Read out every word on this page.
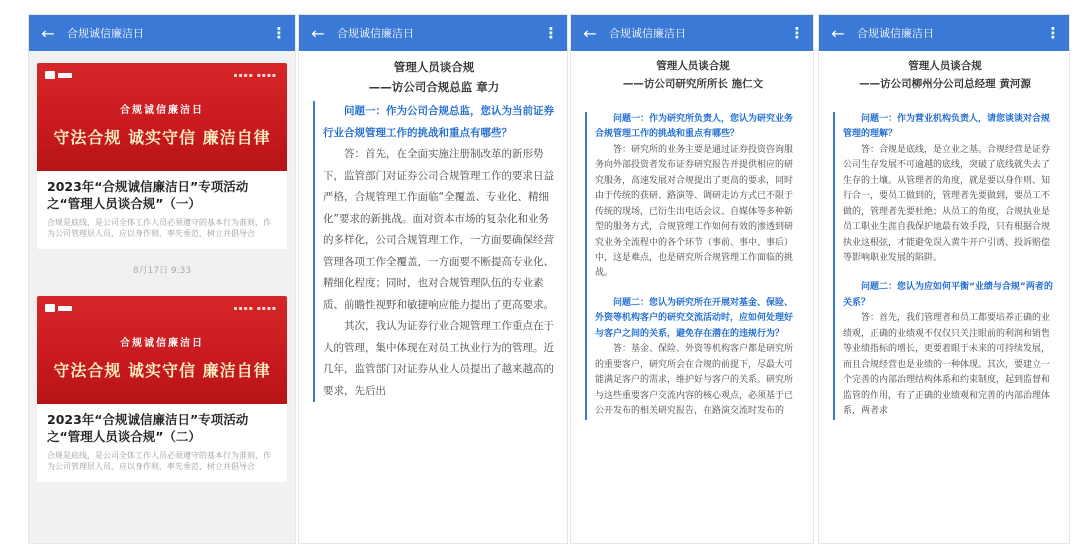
←	合规诚信廉洁日	⋮
▪▪▪▪ ▪▪▪▪
合规诚信廉洁日
守法合规 诚实守信 廉洁自律
2023年“合规诚信廉洁日”专项活动之“管理人员谈合规”（一）
合规是底线，是公司全体工作人员必须遵守的基本行为准则，作为公司管理层人员，应以身作则、率先垂范、树立并倡导合
8月17日 9:33
▪▪▪▪ ▪▪▪▪
合规诚信廉洁日
守法合规 诚实守信 廉洁自律
2023年“合规诚信廉洁日”专项活动之“管理人员谈合规”（二）
合规是底线，是公司全体工作人员必须遵守的基本行为准则，作为公司管理层人员，应以身作则、率先垂范、树立并倡导合
←	合规诚信廉洁日	⋮
管理人员谈合规
——访公司合规总监 章力

问题一：作为公司合规总监，您认为当前证券行业合规管理工作的挑战和重点有哪些？

答：首先，在全面实施注册制改革的新形势下，监管部门对证券公司合规管理工作的要求日益严格，合规管理工作面临“全覆盖、专业化、精细化”要求的新挑战。面对资本市场的复杂化和业务的多样化，公司合规管理工作，一方面要确保经营管理各项工作全覆盖，一方面要不断提高专业化、精细化程度；同时，也对合规管理队伍的专业素质、前瞻性视野和敏捷响应能力提出了更高要求。

其次，我认为证券行业合规管理工作重点在于人的管理，集中体现在对员工执业行为的管理。近几年，监管部门对证券从业人员提出了越来越高的要求，先后出

←	合规诚信廉洁日	⋮
管理人员谈合规
——访公司研究所所长 施仁文

问题一：作为研究所负责人，您认为研究业务合规管理工作的挑战和重点有哪些？

答：研究所的业务主要是通过证券投资咨询服务向外部投资者发布证券研究报告并提供相应的研究服务，高速发展对合规提出了更高的要求，同时由于传统的获研、路演等、调研走访方式已不限于传统的现场，已衍生出电话会议、自媒体等多种新型的服务方式，合规管理工作如何有效的渗透到研究业务全流程中的各个环节（事前、事中、事后）中，这是难点，也是研究所合规管理工作面临的挑战。

问题二：您认为研究所在开展对基金、保险、外资等机构客户的研究交流活动时，应如何处理好与客户之间的关系，避免存在潜在的违规行为？

答：基金、保险、外资等机构客户都是研究所的重要客户，研究所会在合规的前提下，尽最大可能满足客户的需求，维护好与客户的关系。研究所与这些重要客户交流内容的核心观点，必须基于已公开发布的相关研究报告，在路演交流时发布的

←	合规诚信廉洁日	⋮
管理人员谈合规
——访公司柳州分公司总经理 黄河源

问题一：作为营业机构负责人，请您谈谈对合规管理的理解？

答：合规是底线，是立业之基。合规经营是证券公司生存发展不可逾越的底线，突破了底线就失去了生存的土壤。从管理者的角度，就是要以身作则、知行合一，要员工做到的，管理者先要做到，要员工不做的，管理者先要杜绝；从员工的角度，合规执业是员工职业生涯自我保护地最有效手段，只有根据合规执业这根弦，才能避免误入黄牛开户引诱、投诉赔偿等影响职业发展的陷阱。

问题二：您认为应如何平衡“业绩与合规”两者的关系？

答：首先，我们管理者和员工都要培养正确的业绩观，正确的业绩观不仅仅只关注眼前的利润和销售等业绩指标的增长，更要着眼于未来的可持续发展，而且合规经营也是业绩的一种体现。其次，要建立一个完善的内部治理结构体系和约束制度，起到监督和监管的作用，有了正确的业绩观和完善的内部治理体系，两者求
